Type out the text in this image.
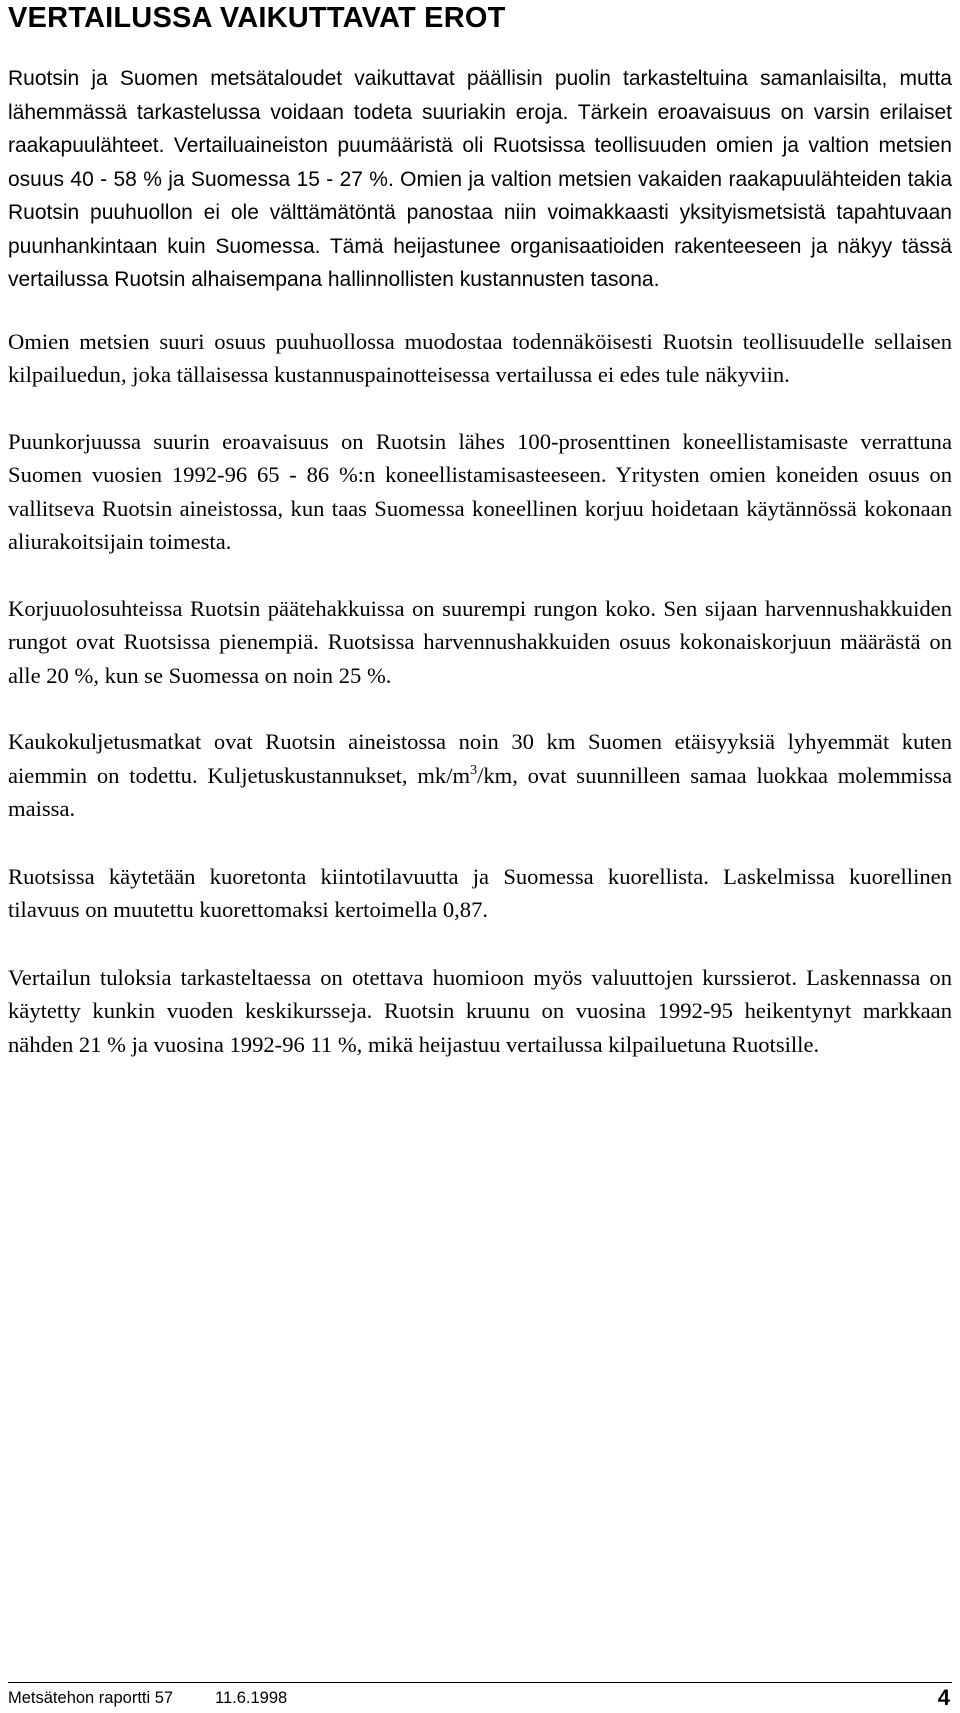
VERTAILUSSA VAIKUTTAVAT EROT

Ruotsin ja Suomen metsätaloudet vaikuttavat päällisin puolin tarkasteltuina samanlaisilta, mutta lähemmässä tarkastelussa voidaan todeta suuriakin eroja. Tärkein eroavaisuus on varsin erilaiset raakapuulähteet. Vertailuaineiston puumääristä oli Ruotsissa teollisuuden omien ja valtion metsien osuus 40 - 58 % ja Suomessa 15 - 27 %. Omien ja valtion metsien vakaiden raakapuulähteiden takia Ruotsin puuhuollon ei ole välttämätöntä panostaa niin voimakkaasti yksityismetsistä tapahtuvaan puunhankintaan kuin Suomessa. Tämä heijastunee organisaatioiden rakenteeseen ja näkyy tässä vertailussa Ruotsin alhaisempana hallinnollisten kustannusten tasona.

Omien metsien suuri osuus puuhuollossa muodostaa todennäköisesti Ruotsin teollisuudelle sellaisen kilpailuedun, joka tällaisessa kustannuspainotteisessa vertailussa ei edes tule näkyviin.

Puunkorjuussa suurin eroavaisuus on Ruotsin lähes 100-prosenttinen koneellistamisaste verrattuna Suomen vuosien 1992-96 65 - 86 %:n koneellistamisasteeseen. Yritysten omien koneiden osuus on vallitseva Ruotsin aineistossa, kun taas Suomessa koneellinen korjuu hoidetaan käytännössä kokonaan aliurakoitsijain toimesta.

Korjuuolosuhteissa Ruotsin päätehakkuissa on suurempi rungon koko. Sen sijaan harvennushakkuiden rungot ovat Ruotsissa pienempiä. Ruotsissa harvennushakkuiden osuus kokonaiskorjuun määrästä on alle 20 %, kun se Suomessa on noin 25 %.

Kaukokuljetusmatkat ovat Ruotsin aineistossa noin 30 km Suomen etäisyyksiä lyhyemmät kuten aiemmin on todettu. Kuljetuskustannukset, $mk/m^3/km$, ovat suunnilleen samaa luokkaa molemmissa maissa.

Ruotsissa käytetään kuoretonta kiintotilavuutta ja Suomessa kuorellista. Laskelmissa kuorellinen tilavuus on muutettu kuorettomaksi kertoimella 0,87.

Vertailun tuloksia tarkasteltaessa on otettava huomioon myös valuuttojen kurssierot. Laskennassa on käytetty kunkin vuoden keskikursseja. Ruotsin kruunu on vuosina 1992-95 heikentynyt markkaan nähden 21 % ja vuosina 1992-96 11 %, mikä heijastuu vertailussa kilpailuetuna Ruotsille.

Metsätehon raportti 57	11.6.1998	4
